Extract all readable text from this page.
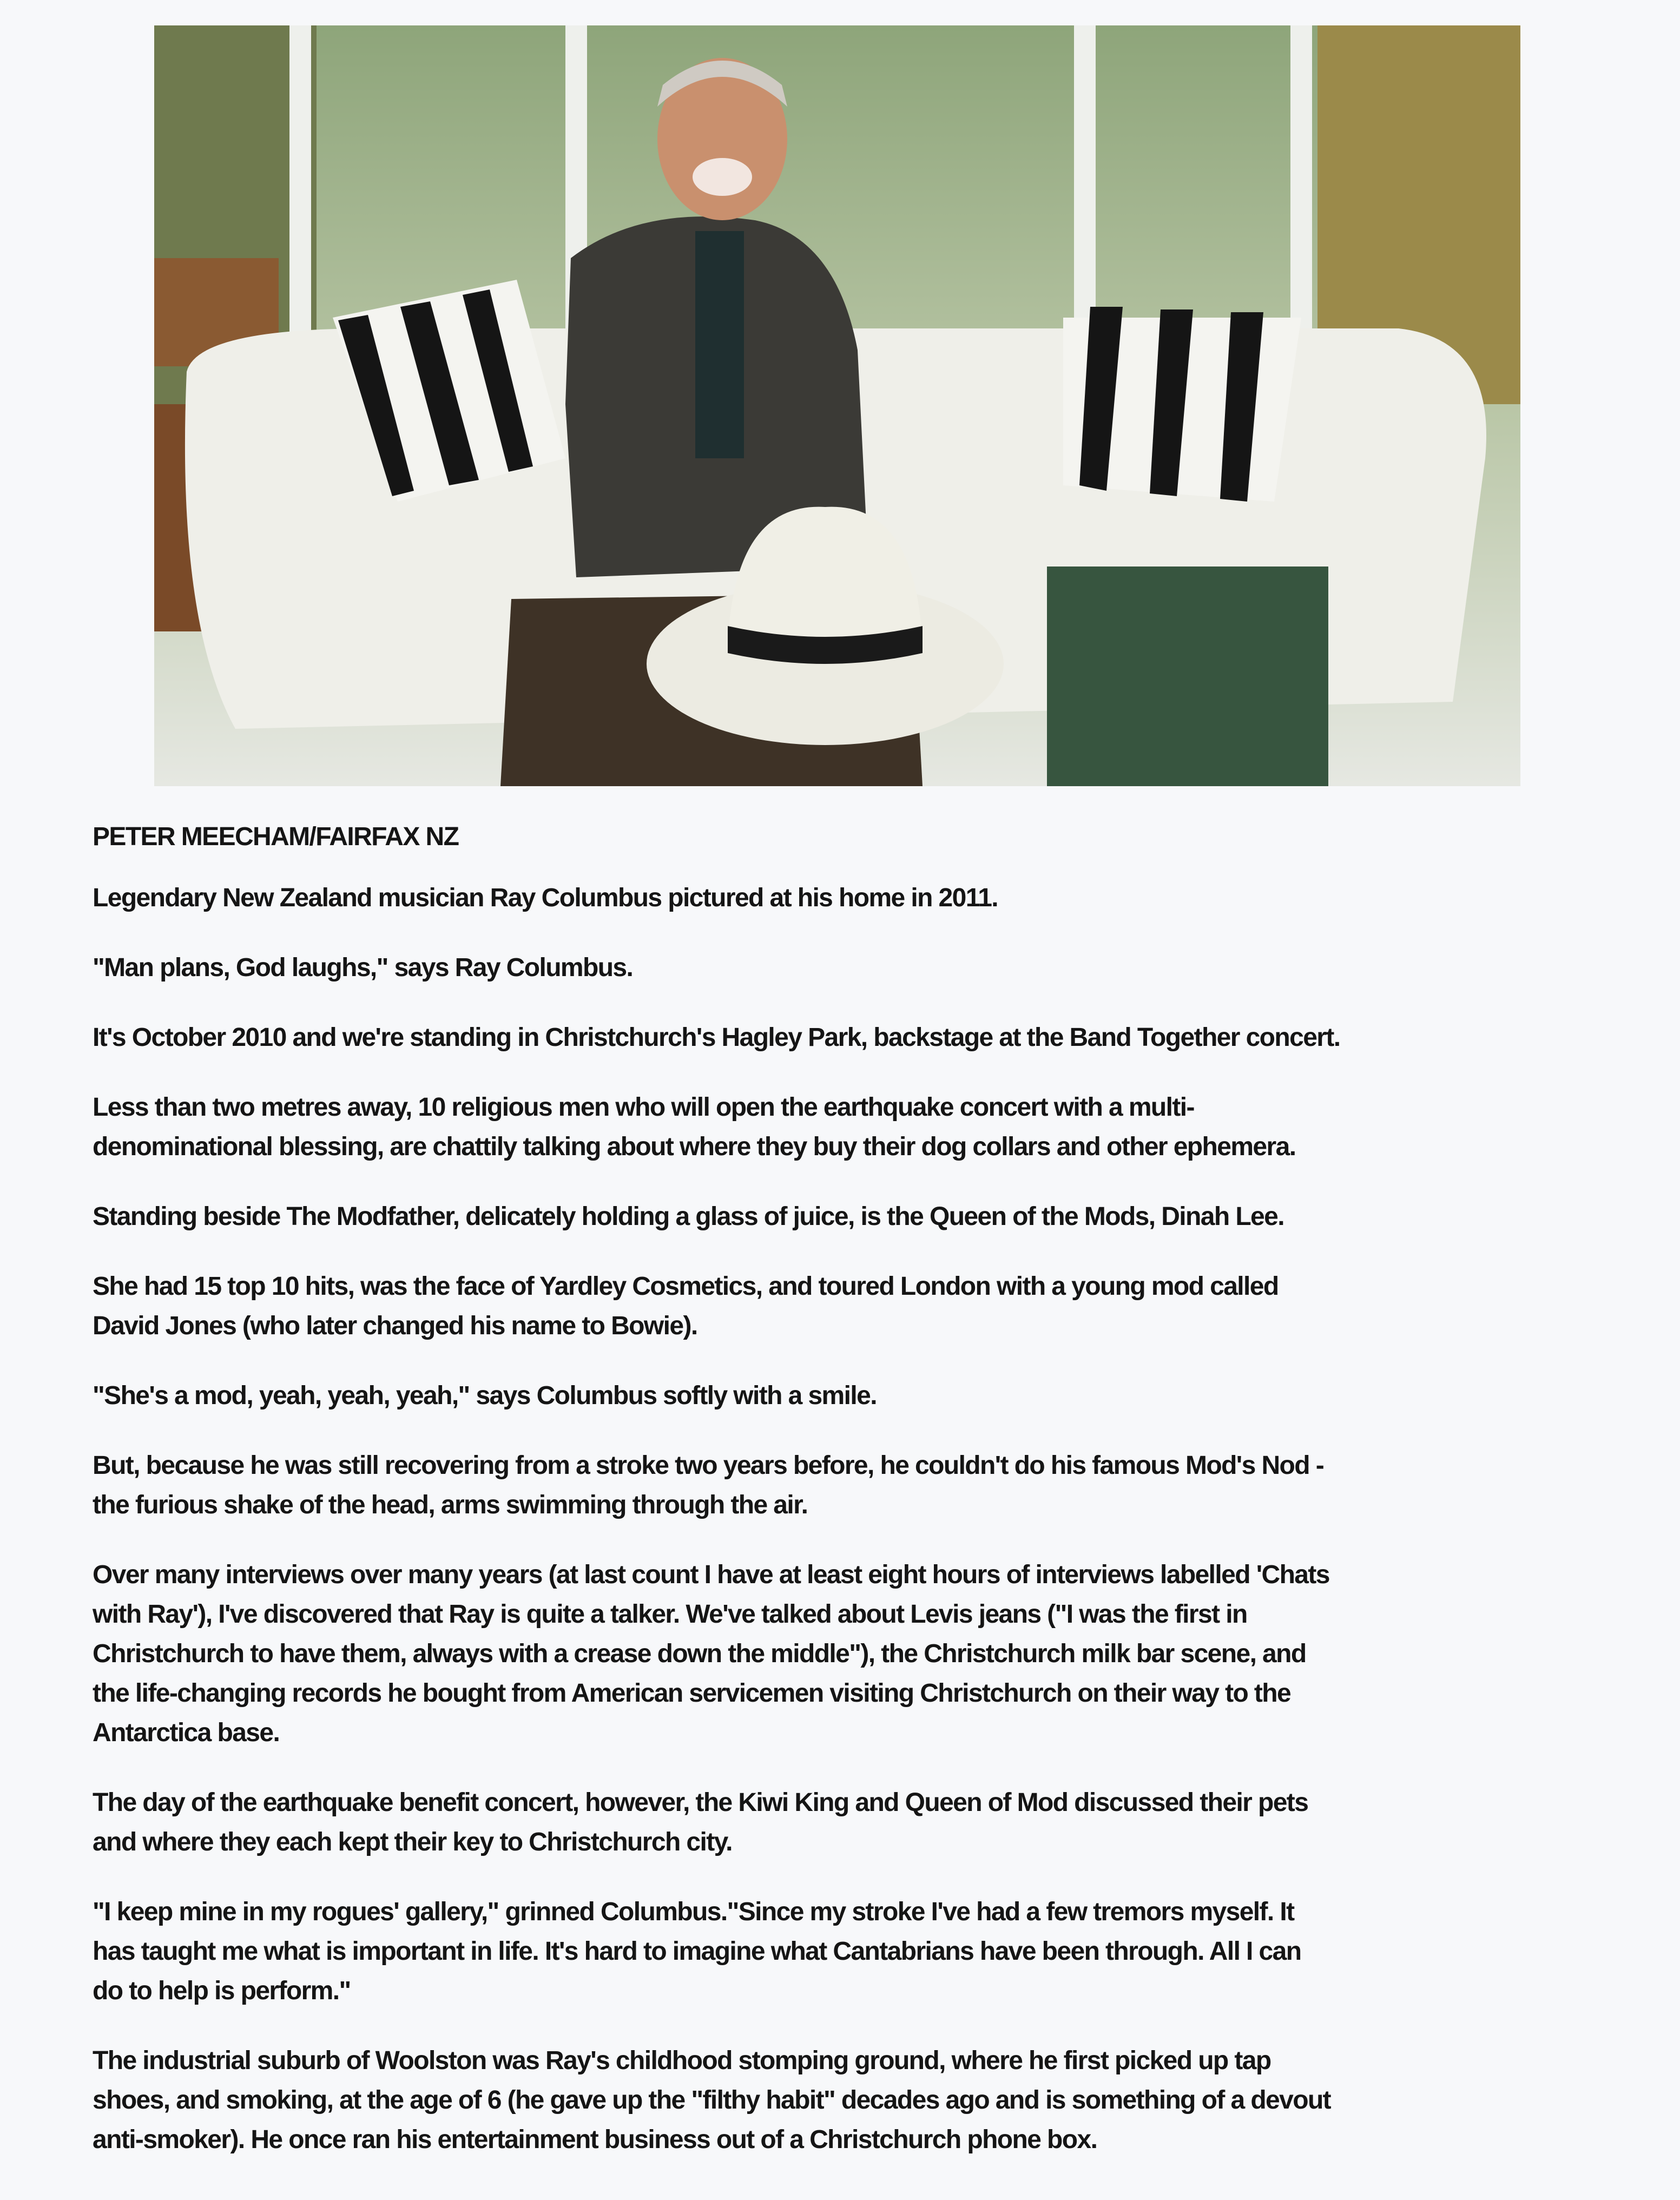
PETER MEECHAM/FAIRFAX NZ

Legendary New Zealand musician Ray Columbus pictured at his home in 2011.

"Man plans, God laughs," says Ray Columbus.

It's October 2010 and we're standing in Christchurch's Hagley Park, backstage at the Band Together concert.

Less than two metres away, 10 religious men who will open the earthquake concert with a multi-
denominational blessing, are chattily talking about where they buy their dog collars and other ephemera.

Standing beside The Modfather, delicately holding a glass of juice, is the Queen of the Mods, Dinah Lee.

She had 15 top 10 hits, was the face of Yardley Cosmetics, and toured London with a young mod called
David Jones (who later changed his name to Bowie).

"She's a mod, yeah, yeah, yeah," says Columbus softly with a smile.

But, because he was still recovering from a stroke two years before, he couldn't do his famous Mod's Nod -
the furious shake of the head, arms swimming through the air.

Over many interviews over many years (at last count I have at least eight hours of interviews labelled 'Chats
with Ray'), I've discovered that Ray is quite a talker. We've talked about Levis jeans ("I was the first in
Christchurch to have them, always with a crease down the middle"), the Christchurch milk bar scene, and
the life-changing records he bought from American servicemen visiting Christchurch on their way to the
Antarctica base.

The day of the earthquake benefit concert, however, the Kiwi King and Queen of Mod discussed their pets
and where they each kept their key to Christchurch city.

"I keep mine in my rogues' gallery," grinned Columbus."Since my stroke I've had a few tremors myself. It
has taught me what is important in life. It's hard to imagine what Cantabrians have been through. All I can
do to help is perform."

The industrial suburb of Woolston was Ray's childhood stomping ground, where he first picked up tap
shoes, and smoking, at the age of 6 (he gave up the "filthy habit" decades ago and is something of a devout
anti-smoker). He once ran his entertainment business out of a Christchurch phone box.
